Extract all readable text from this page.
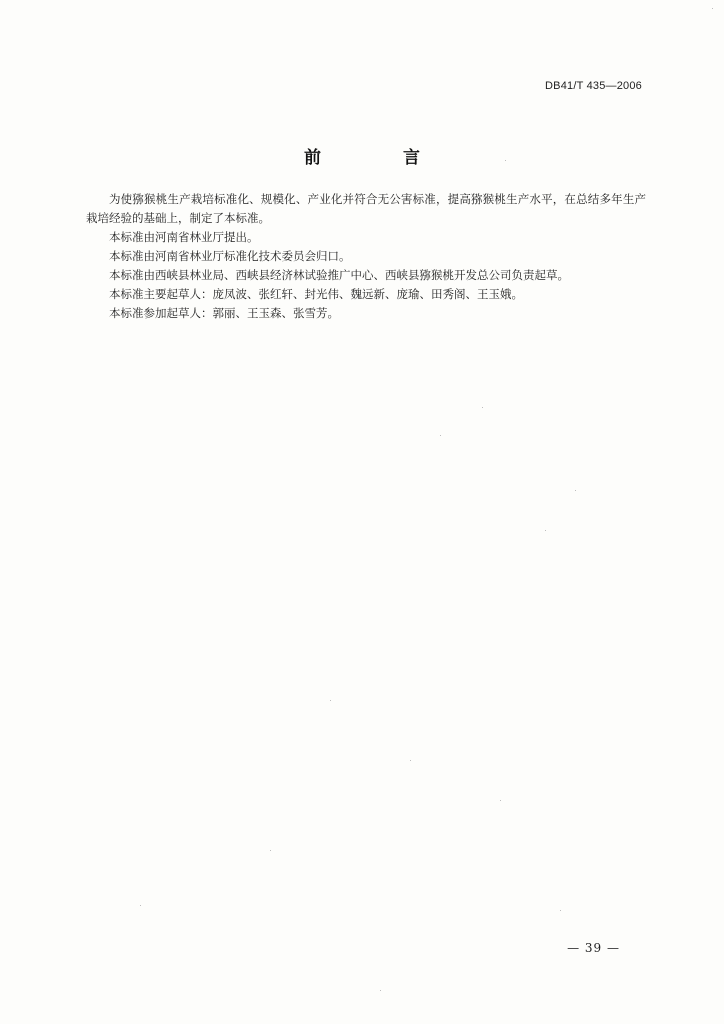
DB41/T 435—2006
前 言

为使猕猴桃生产栽培标准化、规模化、产业化并符合无公害标准，提高猕猴桃生产水平，在总结多年生产栽培经验的基础上，制定了本标准。

本标准由河南省林业厅提出。

本标准由河南省林业厅标准化技术委员会归口。

本标准由西峡县林业局、西峡县经济林试验推广中心、西峡县猕猴桃开发总公司负责起草。

本标准主要起草人：庞凤波、张红轩、封光伟、魏远新、庞瑜、田秀阁、王玉娥。

本标准参加起草人：郭丽、王玉森、张雪芳。

— 39 —
